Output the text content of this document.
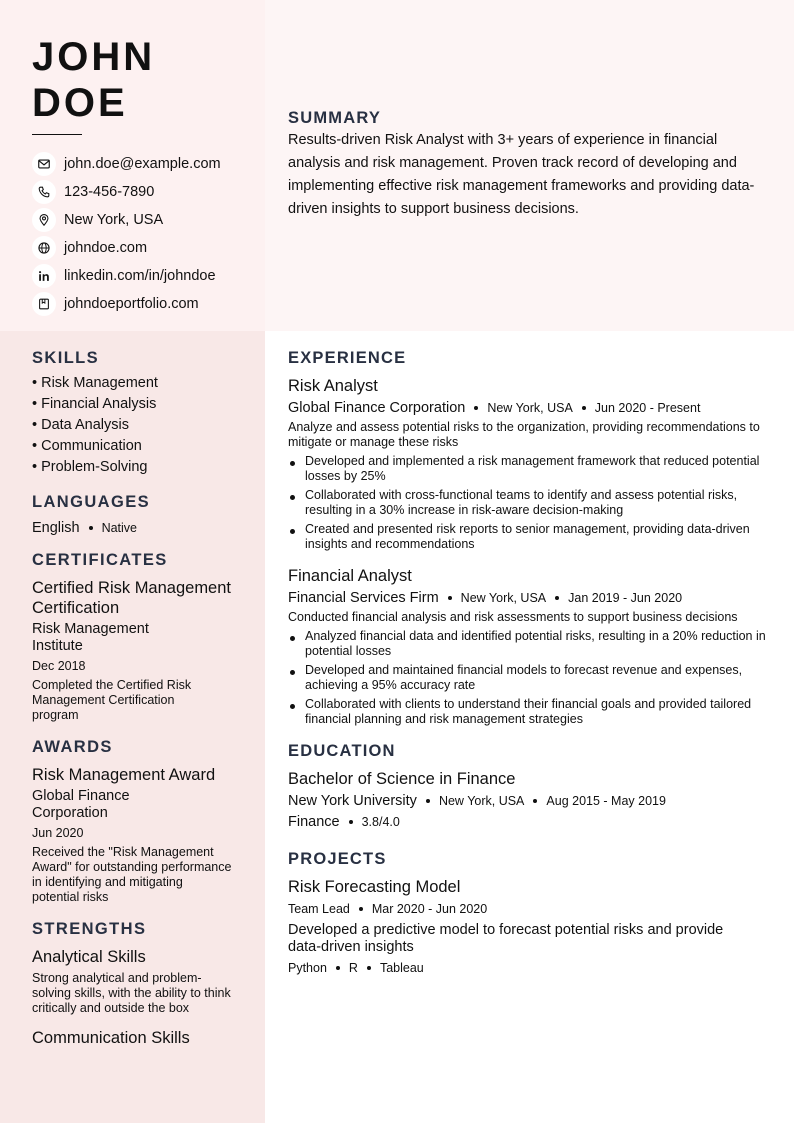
JOHN
DOE
john.doe@example.com
123-456-7890
New York, USA
johndoe.com
linkedin.com/in/johndoe
johndoeportfolio.com
SUMMARY
Results-driven Risk Analyst with 3+ years of experience in financial analysis and risk management. Proven track record of developing and implementing effective risk management frameworks and providing data-driven insights to support business decisions.
SKILLS
• Risk Management
• Financial Analysis
• Data Analysis
• Communication
• Problem-Solving
LANGUAGES
English Native
CERTIFICATES
Certified Risk Management Certification
Risk Management Institute
Dec 2018
Completed the Certified Risk Management Certification program
AWARDS
Risk Management Award
Global Finance Corporation
Jun 2020
Received the "Risk Management Award" for outstanding performance in identifying and mitigating potential risks
STRENGTHS
Analytical Skills
Strong analytical and problem-solving skills, with the ability to think critically and outside the box
Communication Skills
EXPERIENCE
Risk Analyst
Global Finance Corporation New York, USA Jun 2020 - Present
Analyze and assess potential risks to the organization, providing recommendations to mitigate or manage these risks
Developed and implemented a risk management framework that reduced potential losses by 25%
Collaborated with cross-functional teams to identify and assess potential risks, resulting in a 30% increase in risk-aware decision-making
Created and presented risk reports to senior management, providing data-driven insights and recommendations
Financial Analyst
Financial Services Firm New York, USA Jan 2019 - Jun 2020
Conducted financial analysis and risk assessments to support business decisions
Analyzed financial data and identified potential risks, resulting in a 20% reduction in potential losses
Developed and maintained financial models to forecast revenue and expenses, achieving a 95% accuracy rate
Collaborated with clients to understand their financial goals and provided tailored financial planning and risk management strategies
EDUCATION
Bachelor of Science in Finance
New York University New York, USA Aug 2015 - May 2019
Finance 3.8/4.0
PROJECTS
Risk Forecasting Model
Team Lead Mar 2020 - Jun 2020
Developed a predictive model to forecast potential risks and provide data-driven insights
Python R Tableau
